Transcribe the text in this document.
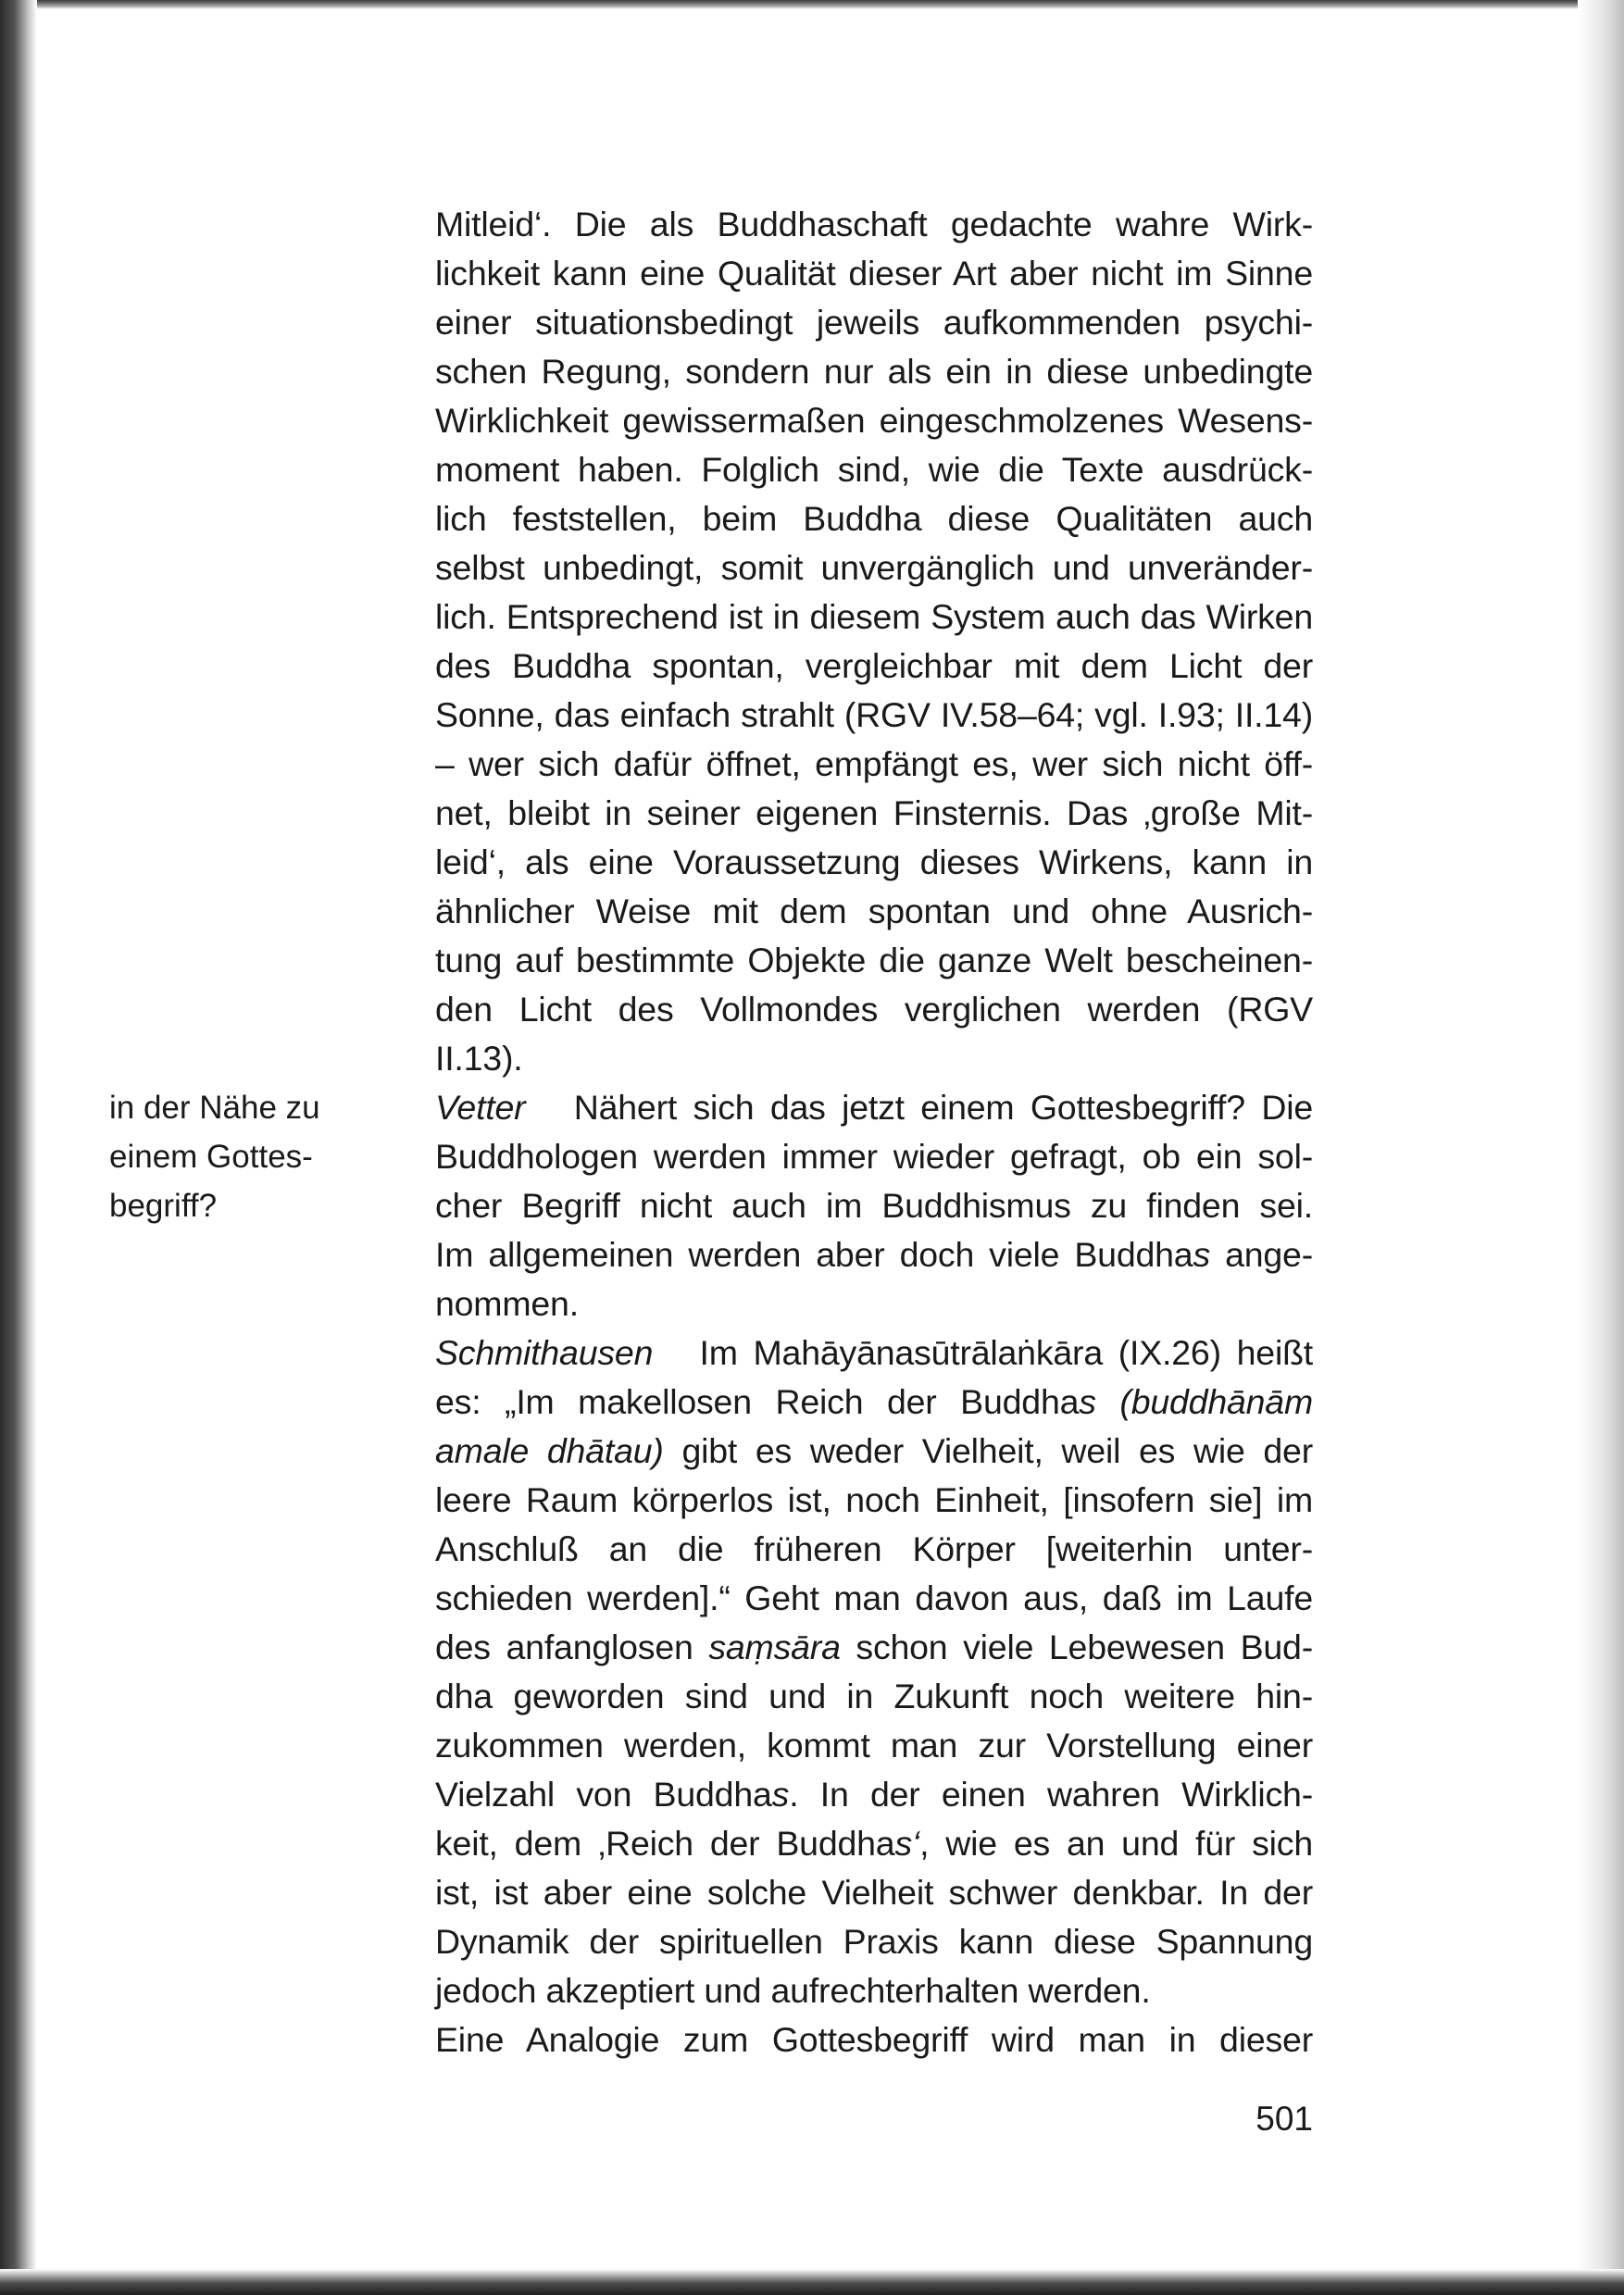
in der Nähe zu
einem Gottes-
begriff?
Mitleid‘. Die als Buddhaschaft gedachte wahre Wirk-
lichkeit kann eine Qualität dieser Art aber nicht im Sinne
einer situationsbedingt jeweils aufkommenden psychi-
schen Regung, sondern nur als ein in diese unbedingte
Wirklichkeit gewissermaßen eingeschmolzenes Wesens-
moment haben. Folglich sind, wie die Texte ausdrück-
lich feststellen, beim Buddha diese Qualitäten auch
selbst unbedingt, somit unvergänglich und unveränder-
lich. Entsprechend ist in diesem System auch das Wirken
des Buddha spontan, vergleichbar mit dem Licht der
Sonne, das einfach strahlt (RGV IV.58–64; vgl. I.93; II.14)
– wer sich dafür öffnet, empfängt es, wer sich nicht öff-
net, bleibt in seiner eigenen Finsternis. Das ‚große Mit-
leid‘, als eine Voraussetzung dieses Wirkens, kann in
ähnlicher Weise mit dem spontan und ohne Ausrich-
tung auf bestimmte Objekte die ganze Welt bescheinen-
den Licht des Vollmondes verglichen werden (RGV
II.13).
Vetter Nähert sich das jetzt einem Gottesbegriff? Die
Buddhologen werden immer wieder gefragt, ob ein sol-
cher Begriff nicht auch im Buddhismus zu finden sei.
Im allgemeinen werden aber doch viele Buddhas ange-
nommen.
Schmithausen Im Mahāyānasūtrālaṅkāra (IX.26) heißt
es: „Im makellosen Reich der Buddhas (buddhānām
amale dhātau) gibt es weder Vielheit, weil es wie der
leere Raum körperlos ist, noch Einheit, [insofern sie] im
Anschluß an die früheren Körper [weiterhin unter-
schieden werden].“ Geht man davon aus, daß im Laufe
des anfanglosen saṃsāra schon viele Lebewesen Bud-
dha geworden sind und in Zukunft noch weitere hin-
zukommen werden, kommt man zur Vorstellung einer
Vielzahl von Buddhas. In der einen wahren Wirklich-
keit, dem ‚Reich der Buddhas‘, wie es an und für sich
ist, ist aber eine solche Vielheit schwer denkbar. In der
Dynamik der spirituellen Praxis kann diese Spannung
jedoch akzeptiert und aufrechterhalten werden.
Eine Analogie zum Gottesbegriff wird man in dieser
501
